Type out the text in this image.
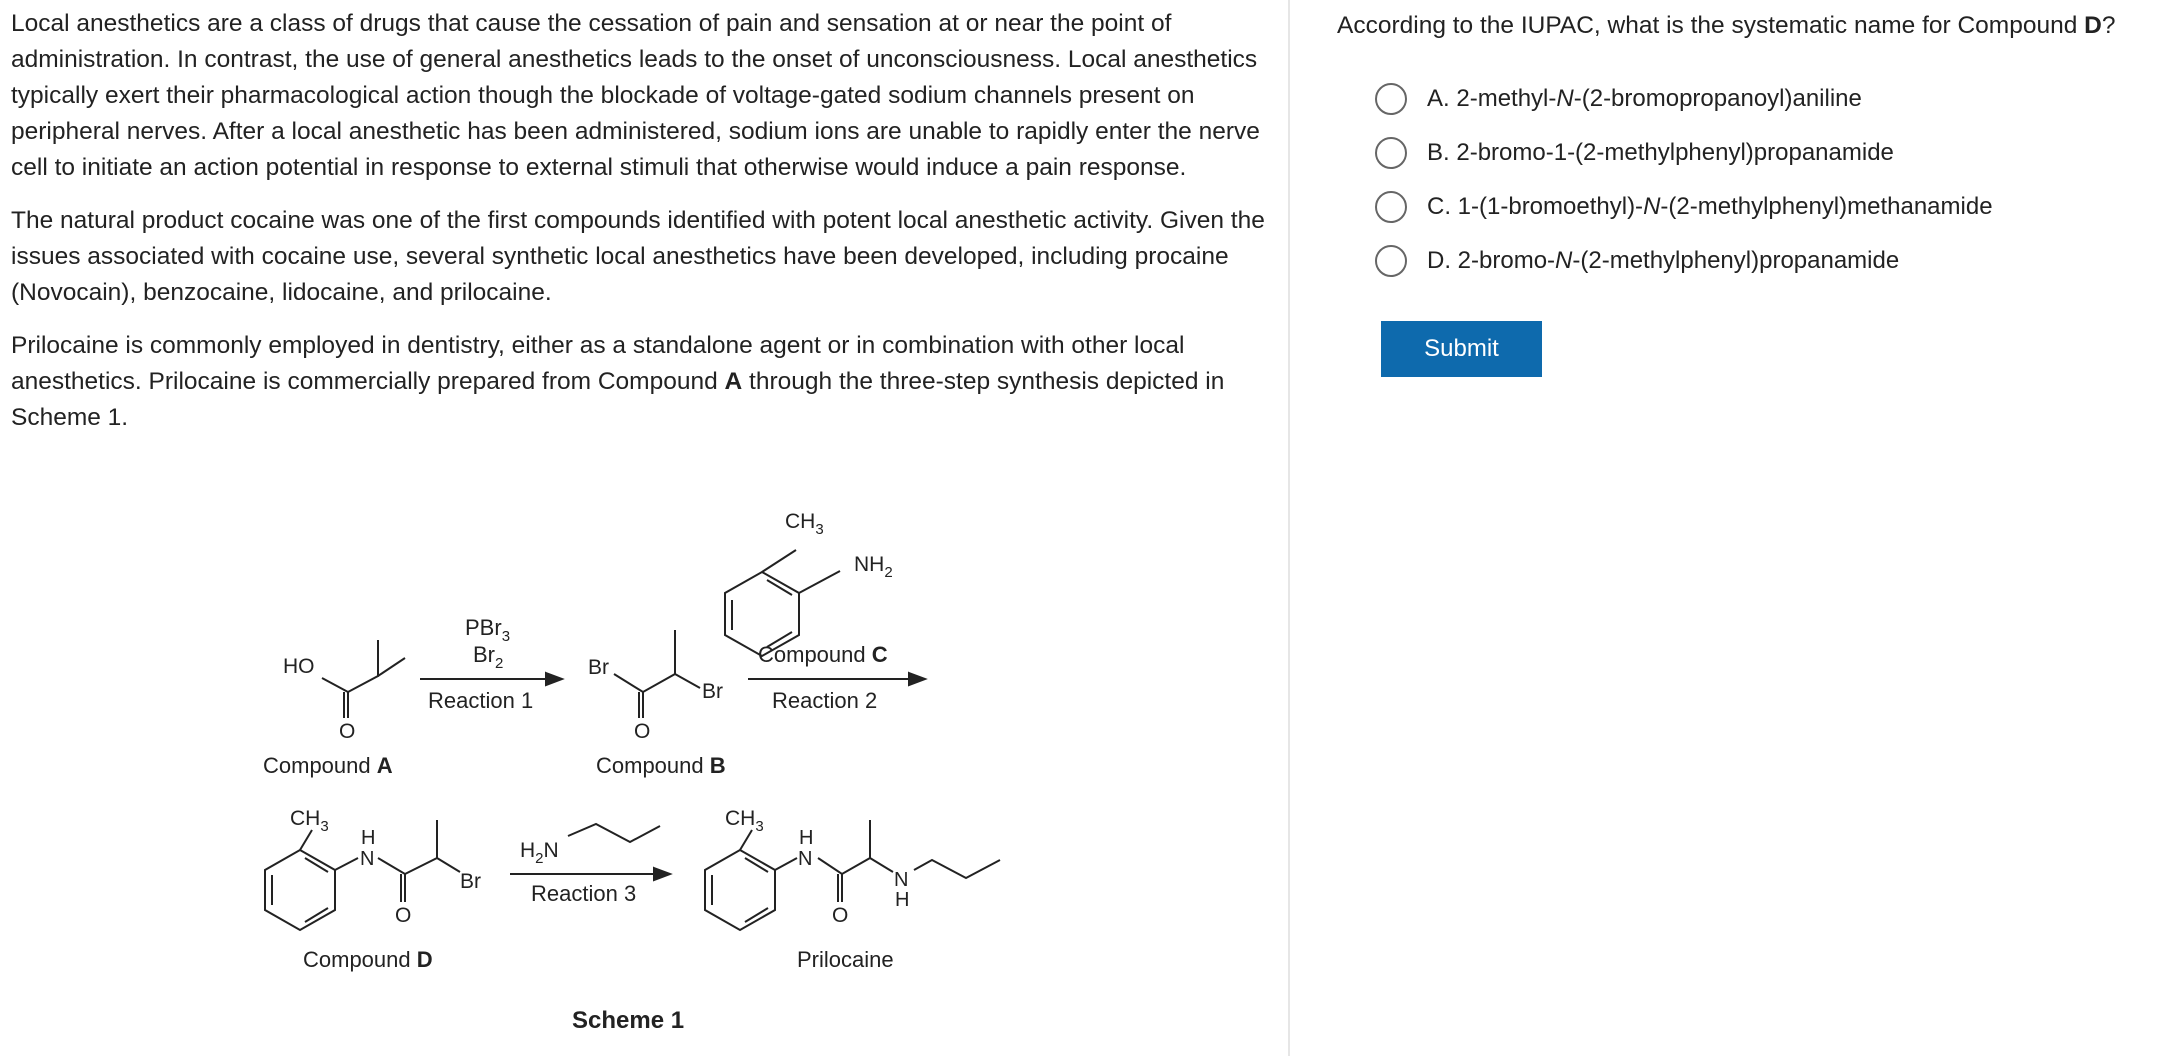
Local anesthetics are a class of drugs that cause the cessation of pain and sensation at or near the point of administration. In contrast, the use of general anesthetics leads to the onset of unconsciousness. Local anesthetics typically exert their pharmacological action though the blockade of voltage-gated sodium channels present on peripheral nerves. After a local anesthetic has been administered, sodium ions are unable to rapidly enter the nerve cell to initiate an action potential in response to external stimuli that otherwise would induce a pain response.

The natural product cocaine was one of the first compounds identified with potent local anesthetic activity. Given the issues associated with cocaine use, several synthetic local anesthetics have been developed, including procaine (Novocain), benzocaine, lidocaine, and prilocaine.

Prilocaine is commonly employed in dentistry, either as a standalone agent or in combination with other local anesthetics. Prilocaine is commercially prepared from Compound A through the three-step synthesis depicted in Scheme 1.

HO
O
Compound A
PBr$_3$
$Br_2$
Reaction 1
Br
Br
O
Compound B
$CH_3$
$NH_2$
Compound C
Reaction 2
$CH_3$
H
N
Br
O
Compound D
$H_2N$
Reaction 3
$CH_3$
H
N
O
N
H
Prilocaine
Scheme 1
According to the IUPAC, what is the systematic name for Compound D?
A.
2-methyl- N -(2-bromopropanoyl)aniline
B.
2-bromo-1-(2-methylphenyl)propanamide
C.
1-(1-bromoethyl)- N -(2-methylphenyl)methanamide
D.
2-bromo- N -(2-methylphenyl)propanamide
Submit
